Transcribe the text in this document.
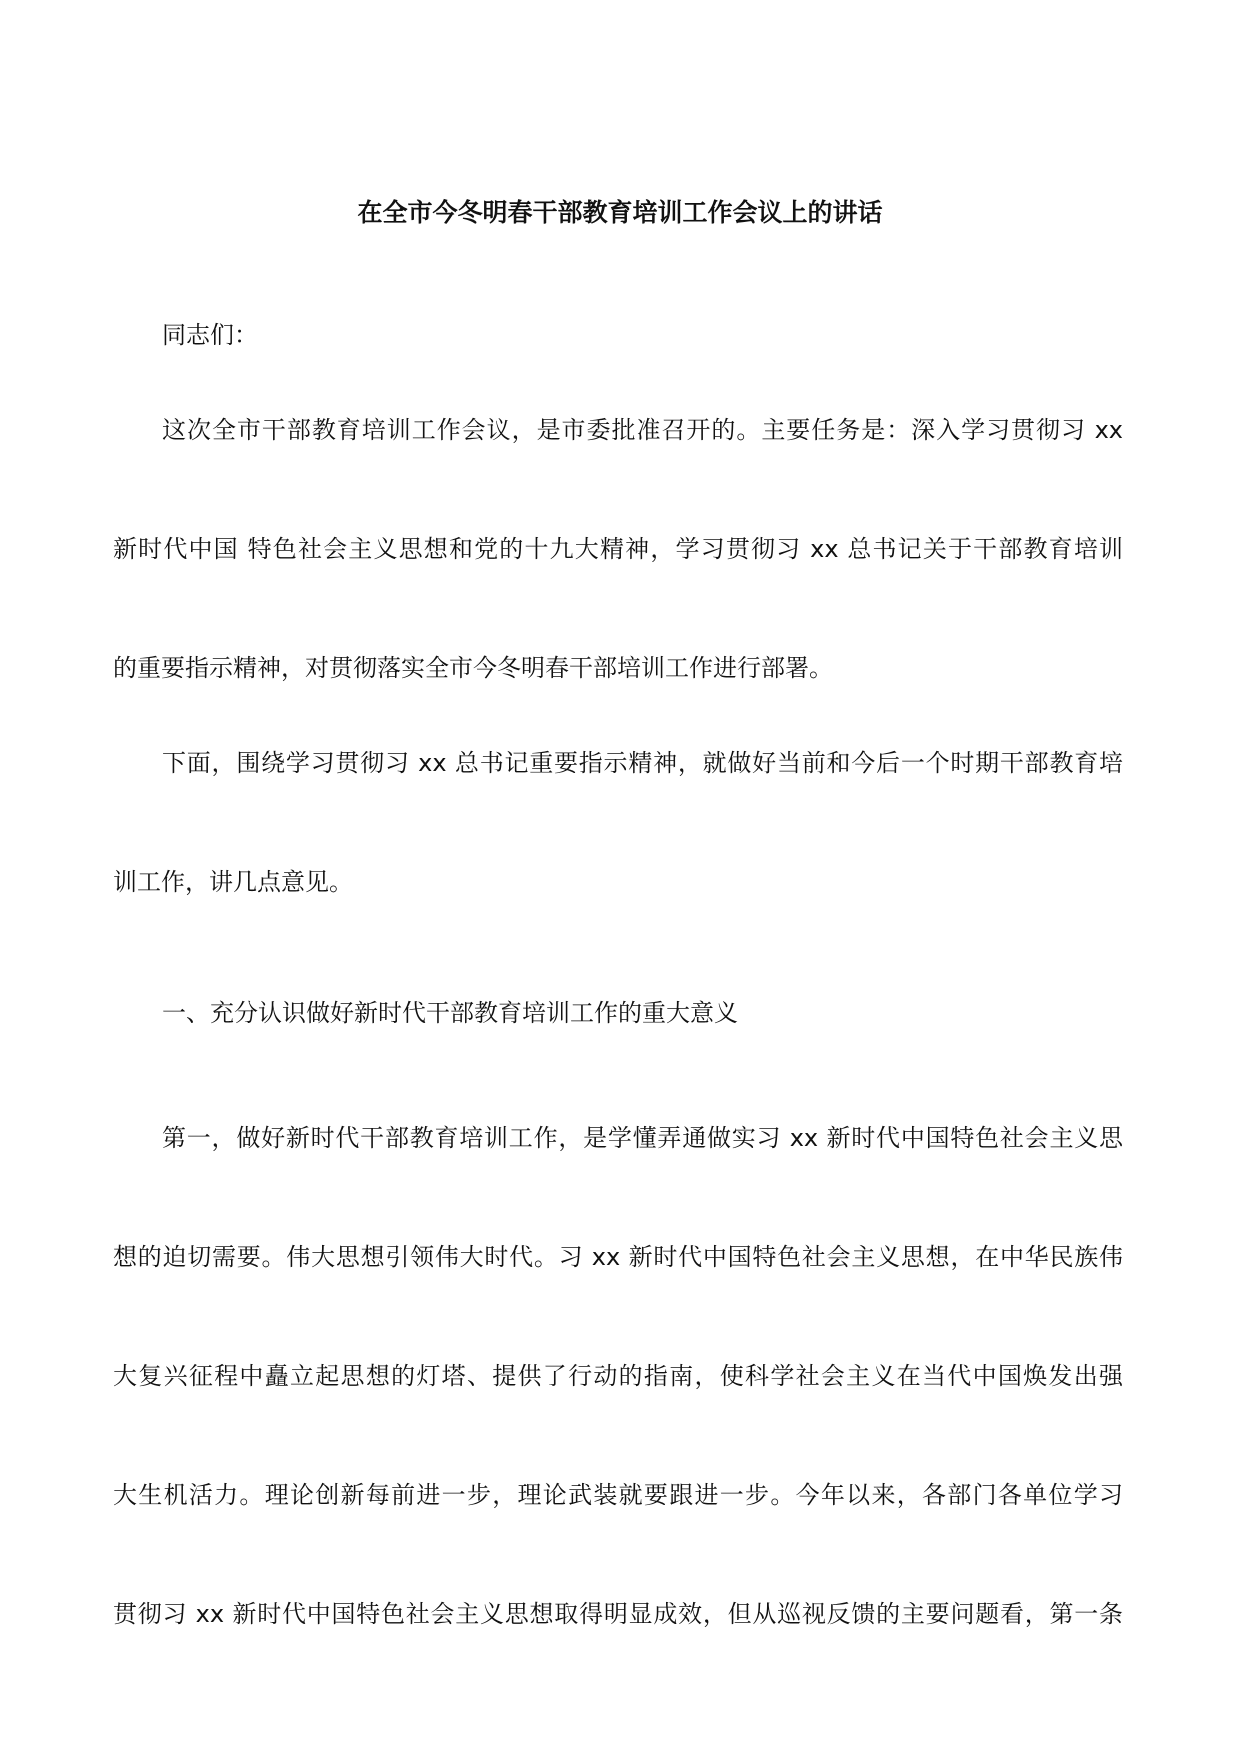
在全市今冬明春干部教育培训工作会议上的讲话
同志们：
这次全市干部教育培训工作会议，是市委批准召开的。主要任务是：深入学习贯彻习 xx
新时代中国 特色社会主义思想和党的十九大精神，学习贯彻习 xx 总书记关于干部教育培训
的重要指示精神，对贯彻落实全市今冬明春干部培训工作进行部署。
下面，围绕学习贯彻习 xx 总书记重要指示精神，就做好当前和今后一个时期干部教育培
训工作，讲几点意见。
一、充分认识做好新时代干部教育培训工作的重大意义
第一，做好新时代干部教育培训工作，是学懂弄通做实习 xx 新时代中国特色社会主义思
想的迫切需要。伟大思想引领伟大时代。习 xx 新时代中国特色社会主义思想，在中华民族伟
大复兴征程中矗立起思想的灯塔、提供了行动的指南，使科学社会主义在当代中国焕发出强
大生机活力。理论创新每前进一步，理论武装就要跟进一步。今年以来，各部门各单位学习
贯彻习 xx 新时代中国特色社会主义思想取得明显成效，但从巡视反馈的主要问题看，第一条
